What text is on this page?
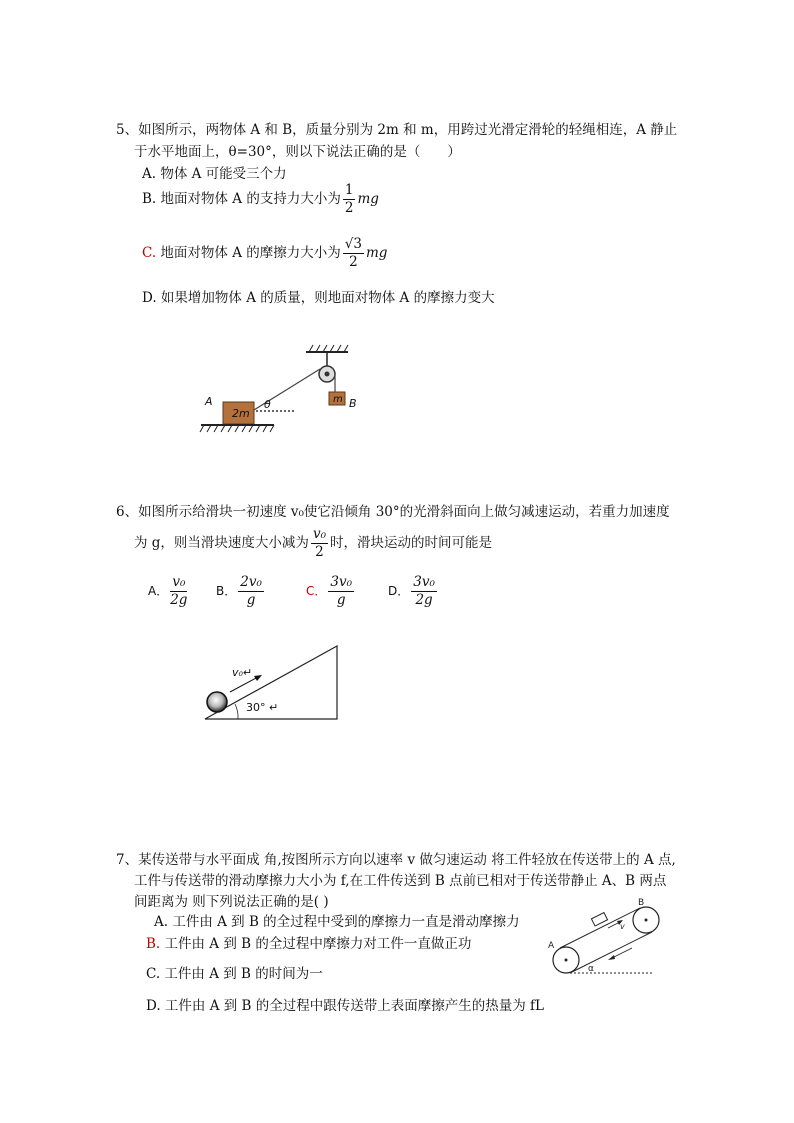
5、如图所示，两物体 A 和 B，质量分别为 2m 和 m，用跨过光滑定滑轮的轻绳相连，A 静止
于水平地面上，θ=30°，则以下说法正确的是（　　）
A. 物体 A 可能受三个力
B. 地面对物体 A 的支持力大小为 $\frac{1}{2}$ mg
C. 地面对物体 A 的摩擦力大小为 $\frac{√3}{2}$ mg
D. 如果增加物体 A 的质量，则地面对物体 A 的摩擦力变大
m B
2m
A	θ
6、如图所示给滑块一初速度 v₀使它沿倾角 30°的光滑斜面向上做匀减速运动，若重力加速度
为 g，则当滑块速度大小减为 $\frac{\text{v₀}}{2}$ 时，滑块运动的时间可能是
A． $\frac{\text{v₀}}{2g}$ B． $\frac{\text{2v₀}}{g}$	C． $\frac{\text{3v₀}}{g}$	D． $\frac{\text{3v₀}}{2g}$
v₀↵
30° ↵
7、某传送带与水平面成 角,按图所示方向以速率 v 做匀速运动 将工件轻放在传送带上的 A 点,
工件与传送带的滑动摩擦力大小为 f,在工件传送到 B 点前已相对于传送带静止 A、B 两点
间距离为 则下列说法正确的是( )
A. 工件由 A 到 B 的全过程中受到的摩擦力一直是滑动摩擦力
B. 工件由 A 到 B 的全过程中摩擦力对工件一直做正功
C. 工件由 A 到 B 的时间为一
D. 工件由 A 到 B 的全过程中跟传送带上表面摩擦产生的热量为 fL
v
α
A
B
